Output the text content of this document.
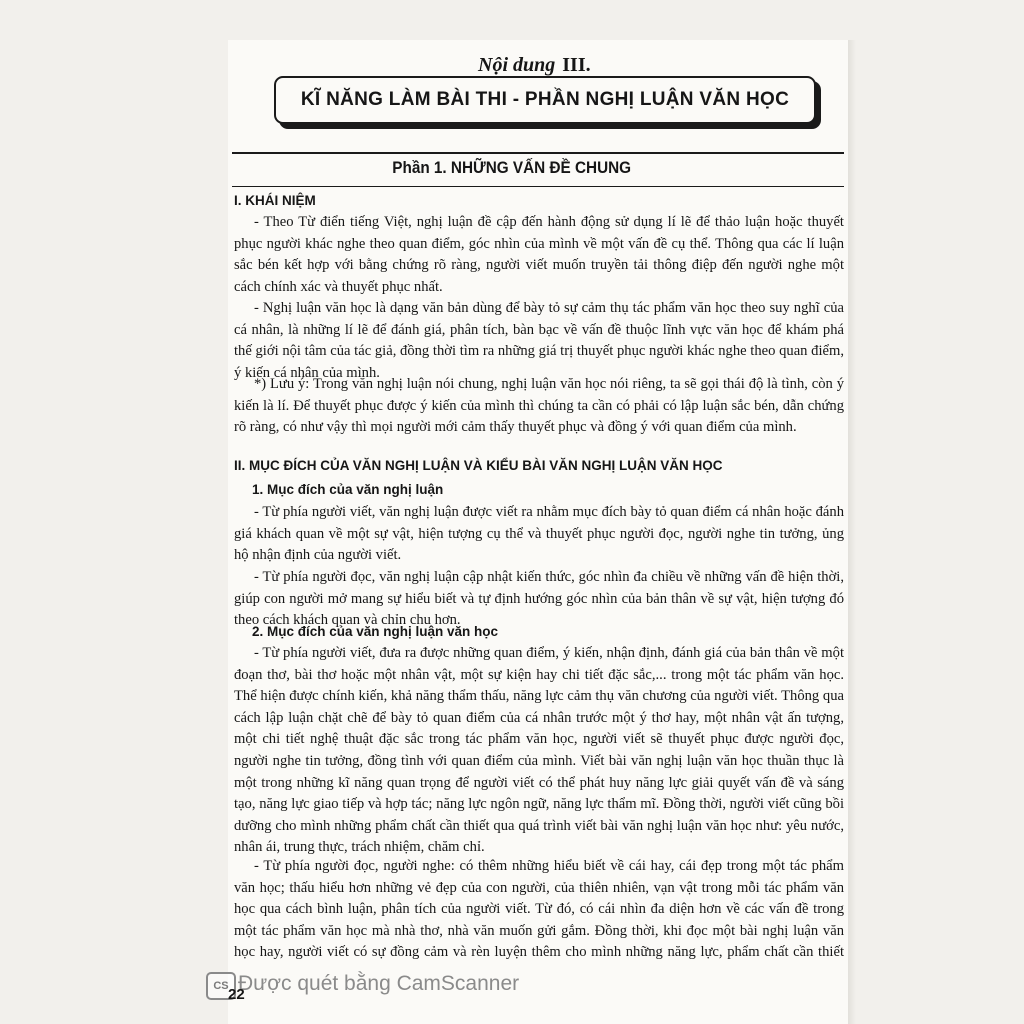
Nội dung III.
KĨ NĂNG LÀM BÀI THI - PHẦN NGHỊ LUẬN VĂN HỌC
Phần 1. NHỮNG VẤN ĐỀ CHUNG
I. KHÁI NIỆM

- Theo Từ điển tiếng Việt, nghị luận đề cập đến hành động sử dụng lí lẽ để thảo luận hoặc thuyết phục người khác nghe theo quan điểm, góc nhìn của mình về một vấn đề cụ thể. Thông qua các lí luận sắc bén kết hợp với bằng chứng rõ ràng, người viết muốn truyền tải thông điệp đến người nghe một cách chính xác và thuyết phục nhất.

- Nghị luận văn học là dạng văn bản dùng để bày tỏ sự cảm thụ tác phẩm văn học theo suy nghĩ của cá nhân, là những lí lẽ để đánh giá, phân tích, bàn bạc về vấn đề thuộc lĩnh vực văn học để khám phá thế giới nội tâm của tác giả, đồng thời tìm ra những giá trị thuyết phục người khác nghe theo quan điểm, ý kiến cá nhân của mình.

*) Lưu ý: Trong văn nghị luận nói chung, nghị luận văn học nói riêng, ta sẽ gọi thái độ là tình, còn ý kiến là lí. Để thuyết phục được ý kiến của mình thì chúng ta cần có phải có lập luận sắc bén, dẫn chứng rõ ràng, có như vậy thì mọi người mới cảm thấy thuyết phục và đồng ý với quan điểm của mình.

II. MỤC ĐÍCH CỦA VĂN NGHỊ LUẬN VÀ KIỂU BÀI VĂN NGHỊ LUẬN VĂN HỌC
1. Mục đích của văn nghị luận

- Từ phía người viết, văn nghị luận được viết ra nhằm mục đích bày tỏ quan điểm cá nhân hoặc đánh giá khách quan về một sự vật, hiện tượng cụ thể và thuyết phục người đọc, người nghe tin tưởng, ủng hộ nhận định của người viết.

- Từ phía người đọc, văn nghị luận cập nhật kiến thức, góc nhìn đa chiều về những vấn đề hiện thời, giúp con người mở mang sự hiểu biết và tự định hướng góc nhìn của bản thân về sự vật, hiện tượng đó theo cách khách quan và chỉn chu hơn.

2. Mục đích của văn nghị luận văn học

- Từ phía người viết, đưa ra được những quan điểm, ý kiến, nhận định, đánh giá của bản thân về một đoạn thơ, bài thơ hoặc một nhân vật, một sự kiện hay chi tiết đặc sắc,... trong một tác phẩm văn học. Thể hiện được chính kiến, khả năng thẩm thấu, năng lực cảm thụ văn chương của người viết. Thông qua cách lập luận chặt chẽ để bày tỏ quan điểm của cá nhân trước một ý thơ hay, một nhân vật ấn tượng, một chi tiết nghệ thuật đặc sắc trong tác phẩm văn học, người viết sẽ thuyết phục được người đọc, người nghe tin tưởng, đồng tình với quan điểm của mình. Viết bài văn nghị luận văn học thuần thục là một trong những kĩ năng quan trọng để người viết có thể phát huy năng lực giải quyết vấn đề và sáng tạo, năng lực giao tiếp và hợp tác; năng lực ngôn ngữ, năng lực thẩm mĩ. Đồng thời, người viết cũng bồi dưỡng cho mình những phẩm chất cần thiết qua quá trình viết bài văn nghị luận văn học như: yêu nước, nhân ái, trung thực, trách nhiệm, chăm chỉ.

- Từ phía người đọc, người nghe: có thêm những hiểu biết về cái hay, cái đẹp trong một tác phẩm văn học; thấu hiểu hơn những vẻ đẹp của con người, của thiên nhiên, vạn vật trong mỗi tác phẩm văn học qua cách bình luận, phân tích của người viết. Từ đó, có cái nhìn đa diện hơn về các vấn đề trong một tác phẩm văn học mà nhà thơ, nhà văn muốn gửi gắm. Đồng thời, khi đọc một bài nghị luận văn học hay, người viết có sự đồng cảm và rèn luyện thêm cho mình những năng lực, phẩm chất cần thiết

CS Được quét bằng CamScanner
22
